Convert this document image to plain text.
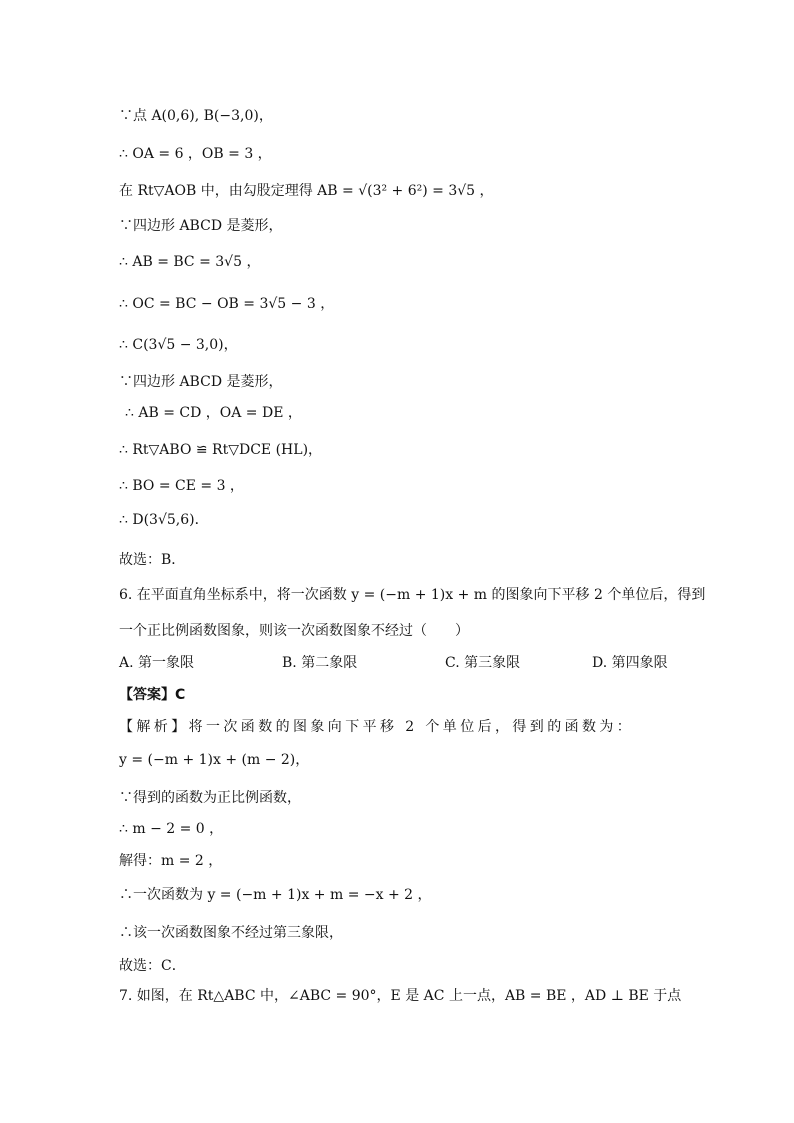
∵点 A(0,6), B(−3,0)，
∴ OA = 6 ，OB = 3 ，
在 Rt▽AOB 中，由勾股定理得 AB = √(3² + 6²) = 3√5 ，
∵四边形 ABCD 是菱形，
∴ AB = BC = 3√5 ，
∴ OC = BC − OB = 3√5 − 3 ，
∴ C(3√5 − 3,0)，
∵四边形 ABCD 是菱形，
∴ AB = CD ，OA = DE ，
∴ Rt▽ABO ≌ Rt▽DCE (HL)，
∴ BO = CE = 3 ，
∴ D(3√5,6)．
故选：B．
6. 在平面直角坐标系中，将一次函数 y = (−m + 1)x + m 的图象向下平移 2 个单位后，得到
一个正比例函数图象，则该一次函数图象不经过（　　）
A. 第一象限	B. 第二象限	C. 第三象限	D. 第四象限
【答案】C
【解析】将一次函数的图象向下平移 2 个单位后，得到的函数为：
y = (−m + 1)x + (m − 2)，
∵得到的函数为正比例函数，
∴ m − 2 = 0 ，
解得：m = 2 ，
∴一次函数为 y = (−m + 1)x + m = −x + 2 ，
∴该一次函数图象不经过第三象限，
故选：C．
7. 如图，在 Rt△ABC 中，∠ABC = 90°，E 是 AC 上一点，AB = BE ，AD ⊥ BE 于点
